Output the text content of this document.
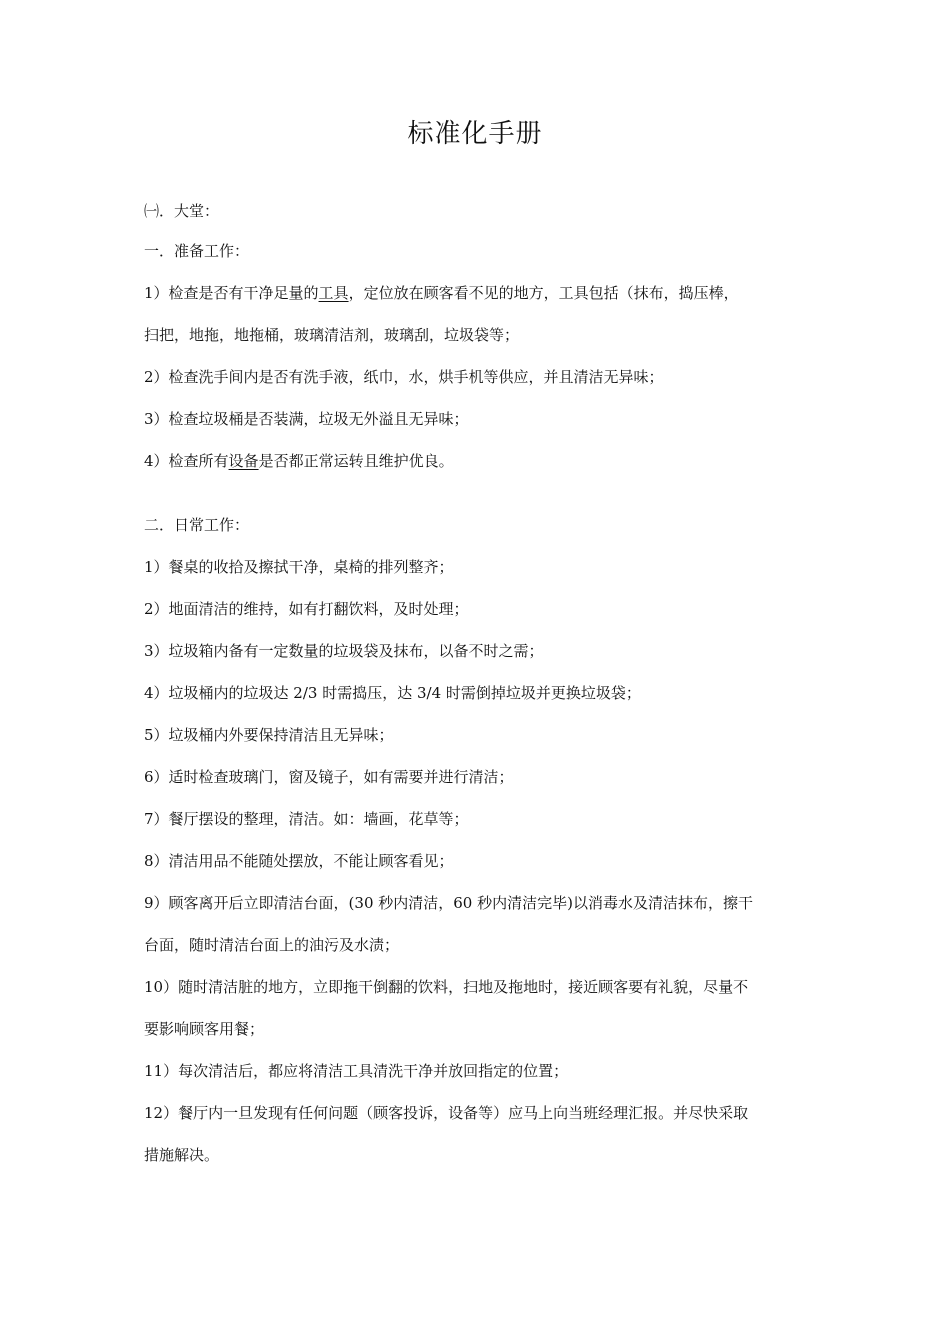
标准化手册
㈠．大堂：
一．准备工作：
1）检查是否有干净足量的工具，定位放在顾客看不见的地方，工具包括（抹布，捣压棒，
扫把，地拖，地拖桶，玻璃清洁剂，玻璃刮，垃圾袋等；
2）检查洗手间内是否有洗手液，纸巾，水，烘手机等供应，并且清洁无异味；
3）检查垃圾桶是否装满，垃圾无外溢且无异味；
4）检查所有设备是否都正常运转且维护优良。
二．日常工作：
1）餐桌的收拾及擦拭干净，桌椅的排列整齐；
2）地面清洁的维持，如有打翻饮料，及时处理；
3）垃圾箱内备有一定数量的垃圾袋及抹布，以备不时之需；
4）垃圾桶内的垃圾达 2/3 时需捣压，达 3/4 时需倒掉垃圾并更换垃圾袋；
5）垃圾桶内外要保持清洁且无异味；
6）适时检查玻璃门，窗及镜子，如有需要并进行清洁；
7）餐厅摆设的整理，清洁。如：墙画，花草等；
8）清洁用品不能随处摆放，不能让顾客看见；
9）顾客离开后立即清洁台面，(30 秒内清洁，60 秒内清洁完毕)以消毒水及清洁抹布，擦干
台面，随时清洁台面上的油污及水渍；
10）随时清洁脏的地方，立即拖干倒翻的饮料，扫地及拖地时，接近顾客要有礼貌，尽量不
要影响顾客用餐；
11）每次清洁后，都应将清洁工具清洗干净并放回指定的位置；
12）餐厅内一旦发现有任何问题（顾客投诉，设备等）应马上向当班经理汇报。并尽快采取
措施解决。
